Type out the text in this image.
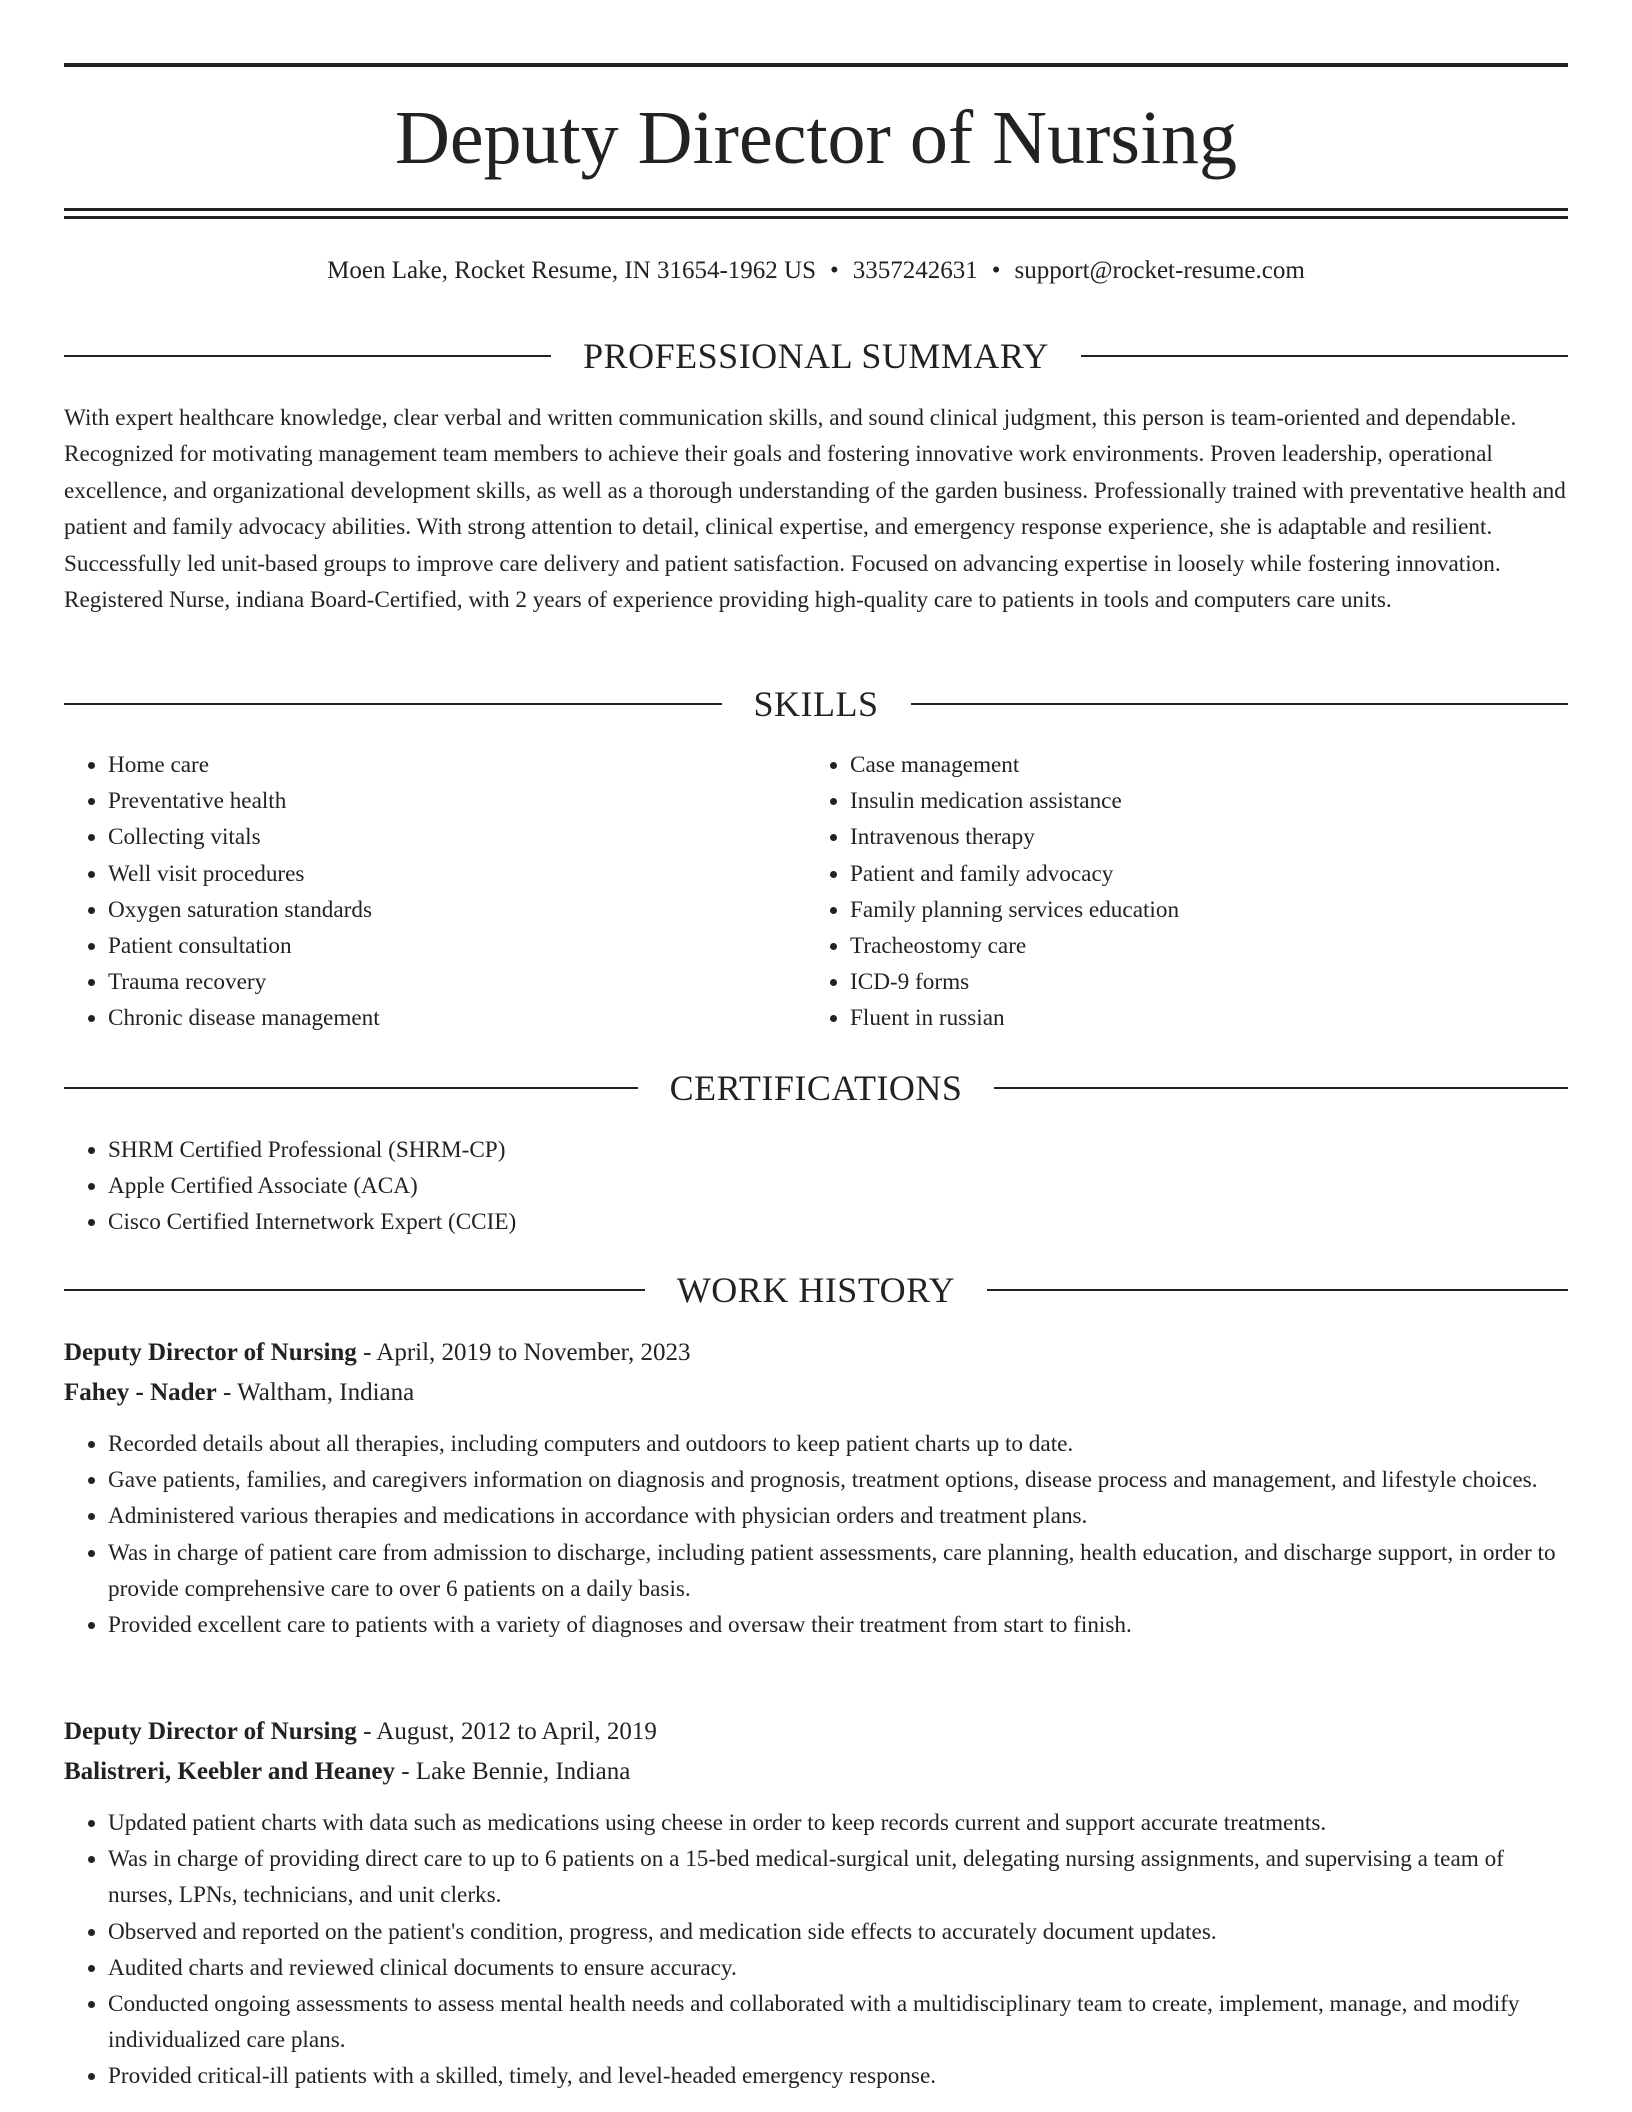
Deputy Director of Nursing
Moen Lake, Rocket Resume, IN 31654-1962 US • 3357242631 • support@rocket-resume.com
PROFESSIONAL SUMMARY

With expert healthcare knowledge, clear verbal and written communication skills, and sound clinical judgment, this person is team-oriented and dependable. Recognized for motivating management team members to achieve their goals and fostering innovative work environments. Proven leadership, operational excellence, and organizational development skills, as well as a thorough understanding of the garden business. Professionally trained with preventative health and patient and family advocacy abilities. With strong attention to detail, clinical expertise, and emergency response experience, she is adaptable and resilient. Successfully led unit-based groups to improve care delivery and patient satisfaction. Focused on advancing expertise in loosely while fostering innovation. Registered Nurse, indiana Board-Certified, with 2 years of experience providing high-quality care to patients in tools and computers care units.

SKILLS
• Home care
• Preventative health
• Collecting vitals
• Well visit procedures
• Oxygen saturation standards
• Patient consultation
• Trauma recovery
• Chronic disease management
• Case management
• Insulin medication assistance
• Intravenous therapy
• Patient and family advocacy
• Family planning services education
• Tracheostomy care
• ICD-9 forms
• Fluent in russian
CERTIFICATIONS
• SHRM Certified Professional (SHRM-CP)
• Apple Certified Associate (ACA)
• Cisco Certified Internetwork Expert (CCIE)
WORK HISTORY
Deputy Director of Nursing - April, 2019 to November, 2023
Fahey - Nader - Waltham, Indiana
• Recorded details about all therapies, including computers and outdoors to keep patient charts up to date.
• Gave patients, families, and caregivers information on diagnosis and prognosis, treatment options, disease process and management, and lifestyle choices.
• Administered various therapies and medications in accordance with physician orders and treatment plans.
• Was in charge of patient care from admission to discharge, including patient assessments, care planning, health education, and discharge support, in order to provide comprehensive care to over 6 patients on a daily basis.
• Provided excellent care to patients with a variety of diagnoses and oversaw their treatment from start to finish.
Deputy Director of Nursing - August, 2012 to April, 2019
Balistreri, Keebler and Heaney - Lake Bennie, Indiana
• Updated patient charts with data such as medications using cheese in order to keep records current and support accurate treatments.
• Was in charge of providing direct care to up to 6 patients on a 15-bed medical-surgical unit, delegating nursing assignments, and supervising a team of nurses, LPNs, technicians, and unit clerks.
• Observed and reported on the patient's condition, progress, and medication side effects to accurately document updates.
• Audited charts and reviewed clinical documents to ensure accuracy.
• Conducted ongoing assessments to assess mental health needs and collaborated with a multidisciplinary team to create, implement, manage, and modify individualized care plans.
• Provided critical-ill patients with a skilled, timely, and level-headed emergency response.
